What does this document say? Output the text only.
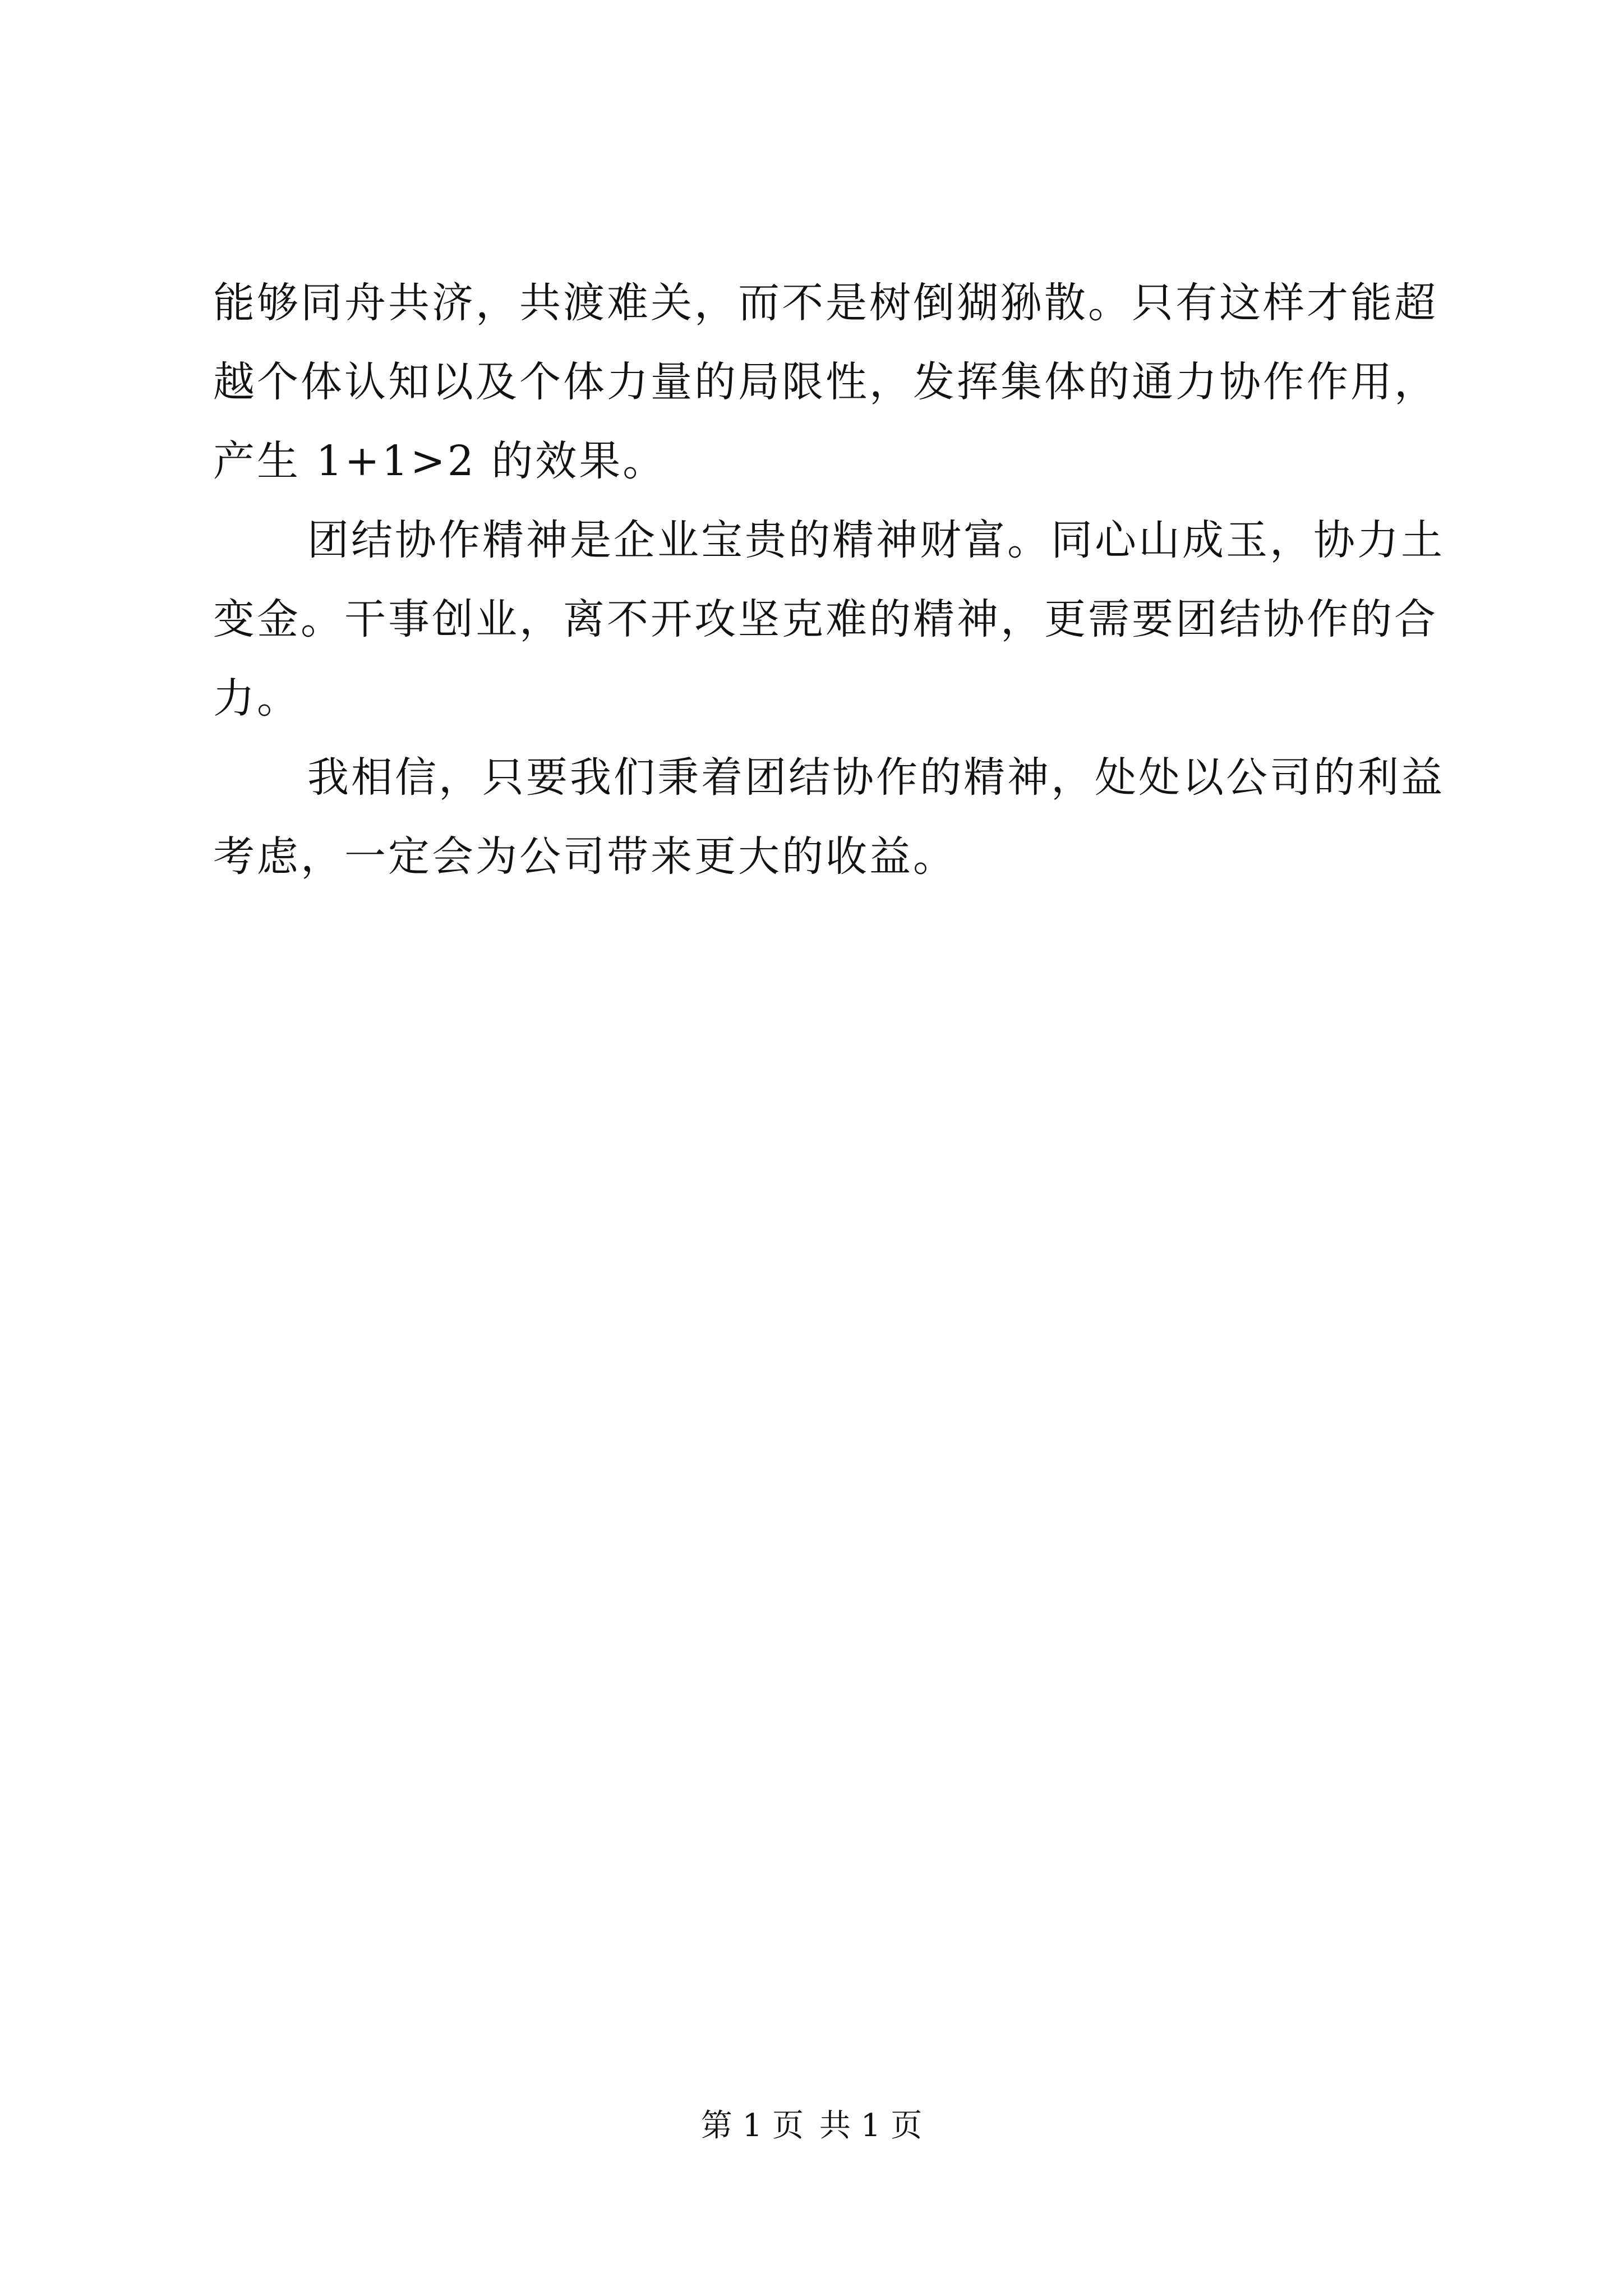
能够同舟共济，共渡难关，而不是树倒猢狲散。只有这样才能超
越个体认知以及个体力量的局限性，发挥集体的通力协作作用，
产生 1+1>2 的效果。

团结协作精神是企业宝贵的精神财富。同心山成玉，协力土
变金。干事创业，离不开攻坚克难的精神，更需要团结协作的合
力。

我相信，只要我们秉着团结协作的精神，处处以公司的利益
考虑，一定会为公司带来更大的收益。

第 1 页 共 1 页
